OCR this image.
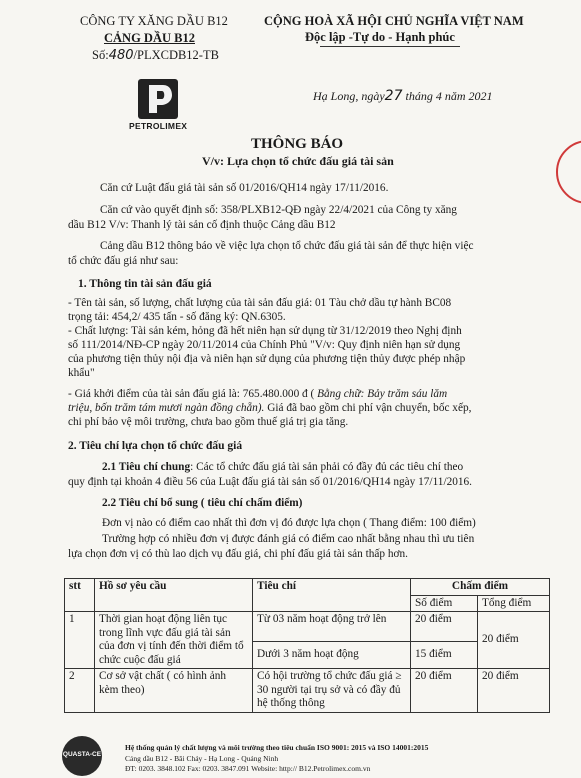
CÔNG TY XĂNG DẦU B12
CẢNG DẦU B12
Số:480/PLXCDB12-TB
PETROLIMEX
CỘNG HOÀ XÃ HỘI CHỦ NGHĨA VIỆT NAM
Độc lập -Tự do - Hạnh phúc
Hạ Long, ngày27 tháng 4 năm 2021
THÔNG BÁO
V/v: Lựa chọn tổ chức đấu giá tài sản
Căn cứ Luật đấu giá tài sản số 01/2016/QH14 ngày 17/11/2016.
Căn cứ vào quyết định số: 358/PLXB12-QĐ ngày 22/4/2021 của Công ty xăng
dầu B12 V/v: Thanh lý tài sản cố định thuộc Cảng dầu B12
Cảng dầu B12 thông báo về việc lựa chọn tổ chức đấu giá tài sản để thực hiện việc
tổ chức đấu giá như sau:
1. Thông tin tài sản đấu giá
- Tên tài sản, số lượng, chất lượng của tài sản đấu giá: 01 Tàu chở dầu tự hành BC08
trọng tải: 454,2/ 435 tấn - số đăng ký: QN.6305.
- Chất lượng: Tài sản kém, hỏng đã hết niên hạn sử dụng từ 31/12/2019 theo Nghị định
số 111/2014/NĐ-CP ngày 20/11/2014 của Chính Phủ "V/v: Quy định niên hạn sử dụng
của phương tiện thủy nội địa và niên hạn sử dụng của phương tiện thủy được phép nhập
khẩu"
- Giá khởi điểm của tài sản đấu giá là: 765.480.000 đ ( Bằng chữ: Bảy trăm sáu lăm
triệu, bốn trăm tám mươi ngàn đồng chẵn). Giá đã bao gồm chi phí vận chuyển, bốc xếp,
chi phí bảo vệ môi trường, chưa bao gồm thuế giá trị gia tăng.
2. Tiêu chí lựa chọn tổ chức đấu giá
2.1 Tiêu chí chung: Các tổ chức đấu giá tài sản phải có đầy đủ các tiêu chí theo
quy định tại khoản 4 điều 56 của Luật đấu giá tài sản số 01/2016/QH14 ngày 17/11/2016.
2.2 Tiêu chí bổ sung ( tiêu chí chấm điểm)
Đơn vị nào có điểm cao nhất thì đơn vị đó được lựa chọn ( Thang điểm: 100 điểm)
Trường hợp có nhiều đơn vị được đánh giá có điểm cao nhất bằng nhau thì ưu tiên
lựa chọn đơn vị có thù lao dịch vụ đấu giá, chi phí đấu giá tài sản thấp hơn.
stt	Hồ sơ yêu cầu	Tiêu chí	Chấm điểm	
			Số điểm	Tổng điểm
1	Thời gian hoạt động liên tục trong lĩnh vực đấu giá tài sản của đơn vị tính đến thời điểm tổ chức cuộc đấu giá	Từ 03 năm hoạt động trở lên	20 điểm	20 điểm
		Dưới 3 năm hoạt động	15 điểm	
2	Cơ sở vật chất ( có hình ảnh kèm theo)	Có hội trường tổ chức đấu giá ≥ 30 người tại trụ sở và có đầy đủ hệ thống thông	20 điểm	20 điểm
QUASTA-CE
Hệ thống quản lý chất lượng và môi trường theo tiêu chuẩn ISO 9001: 2015 và ISO 14001:2015
Cảng dầu B12 - Bãi Cháy - Hạ Long - Quảng Ninh
ĐT: 0203. 3848.102 Fax: 0203. 3847.091 Website: http:// B12.Petrolimex.com.vn
